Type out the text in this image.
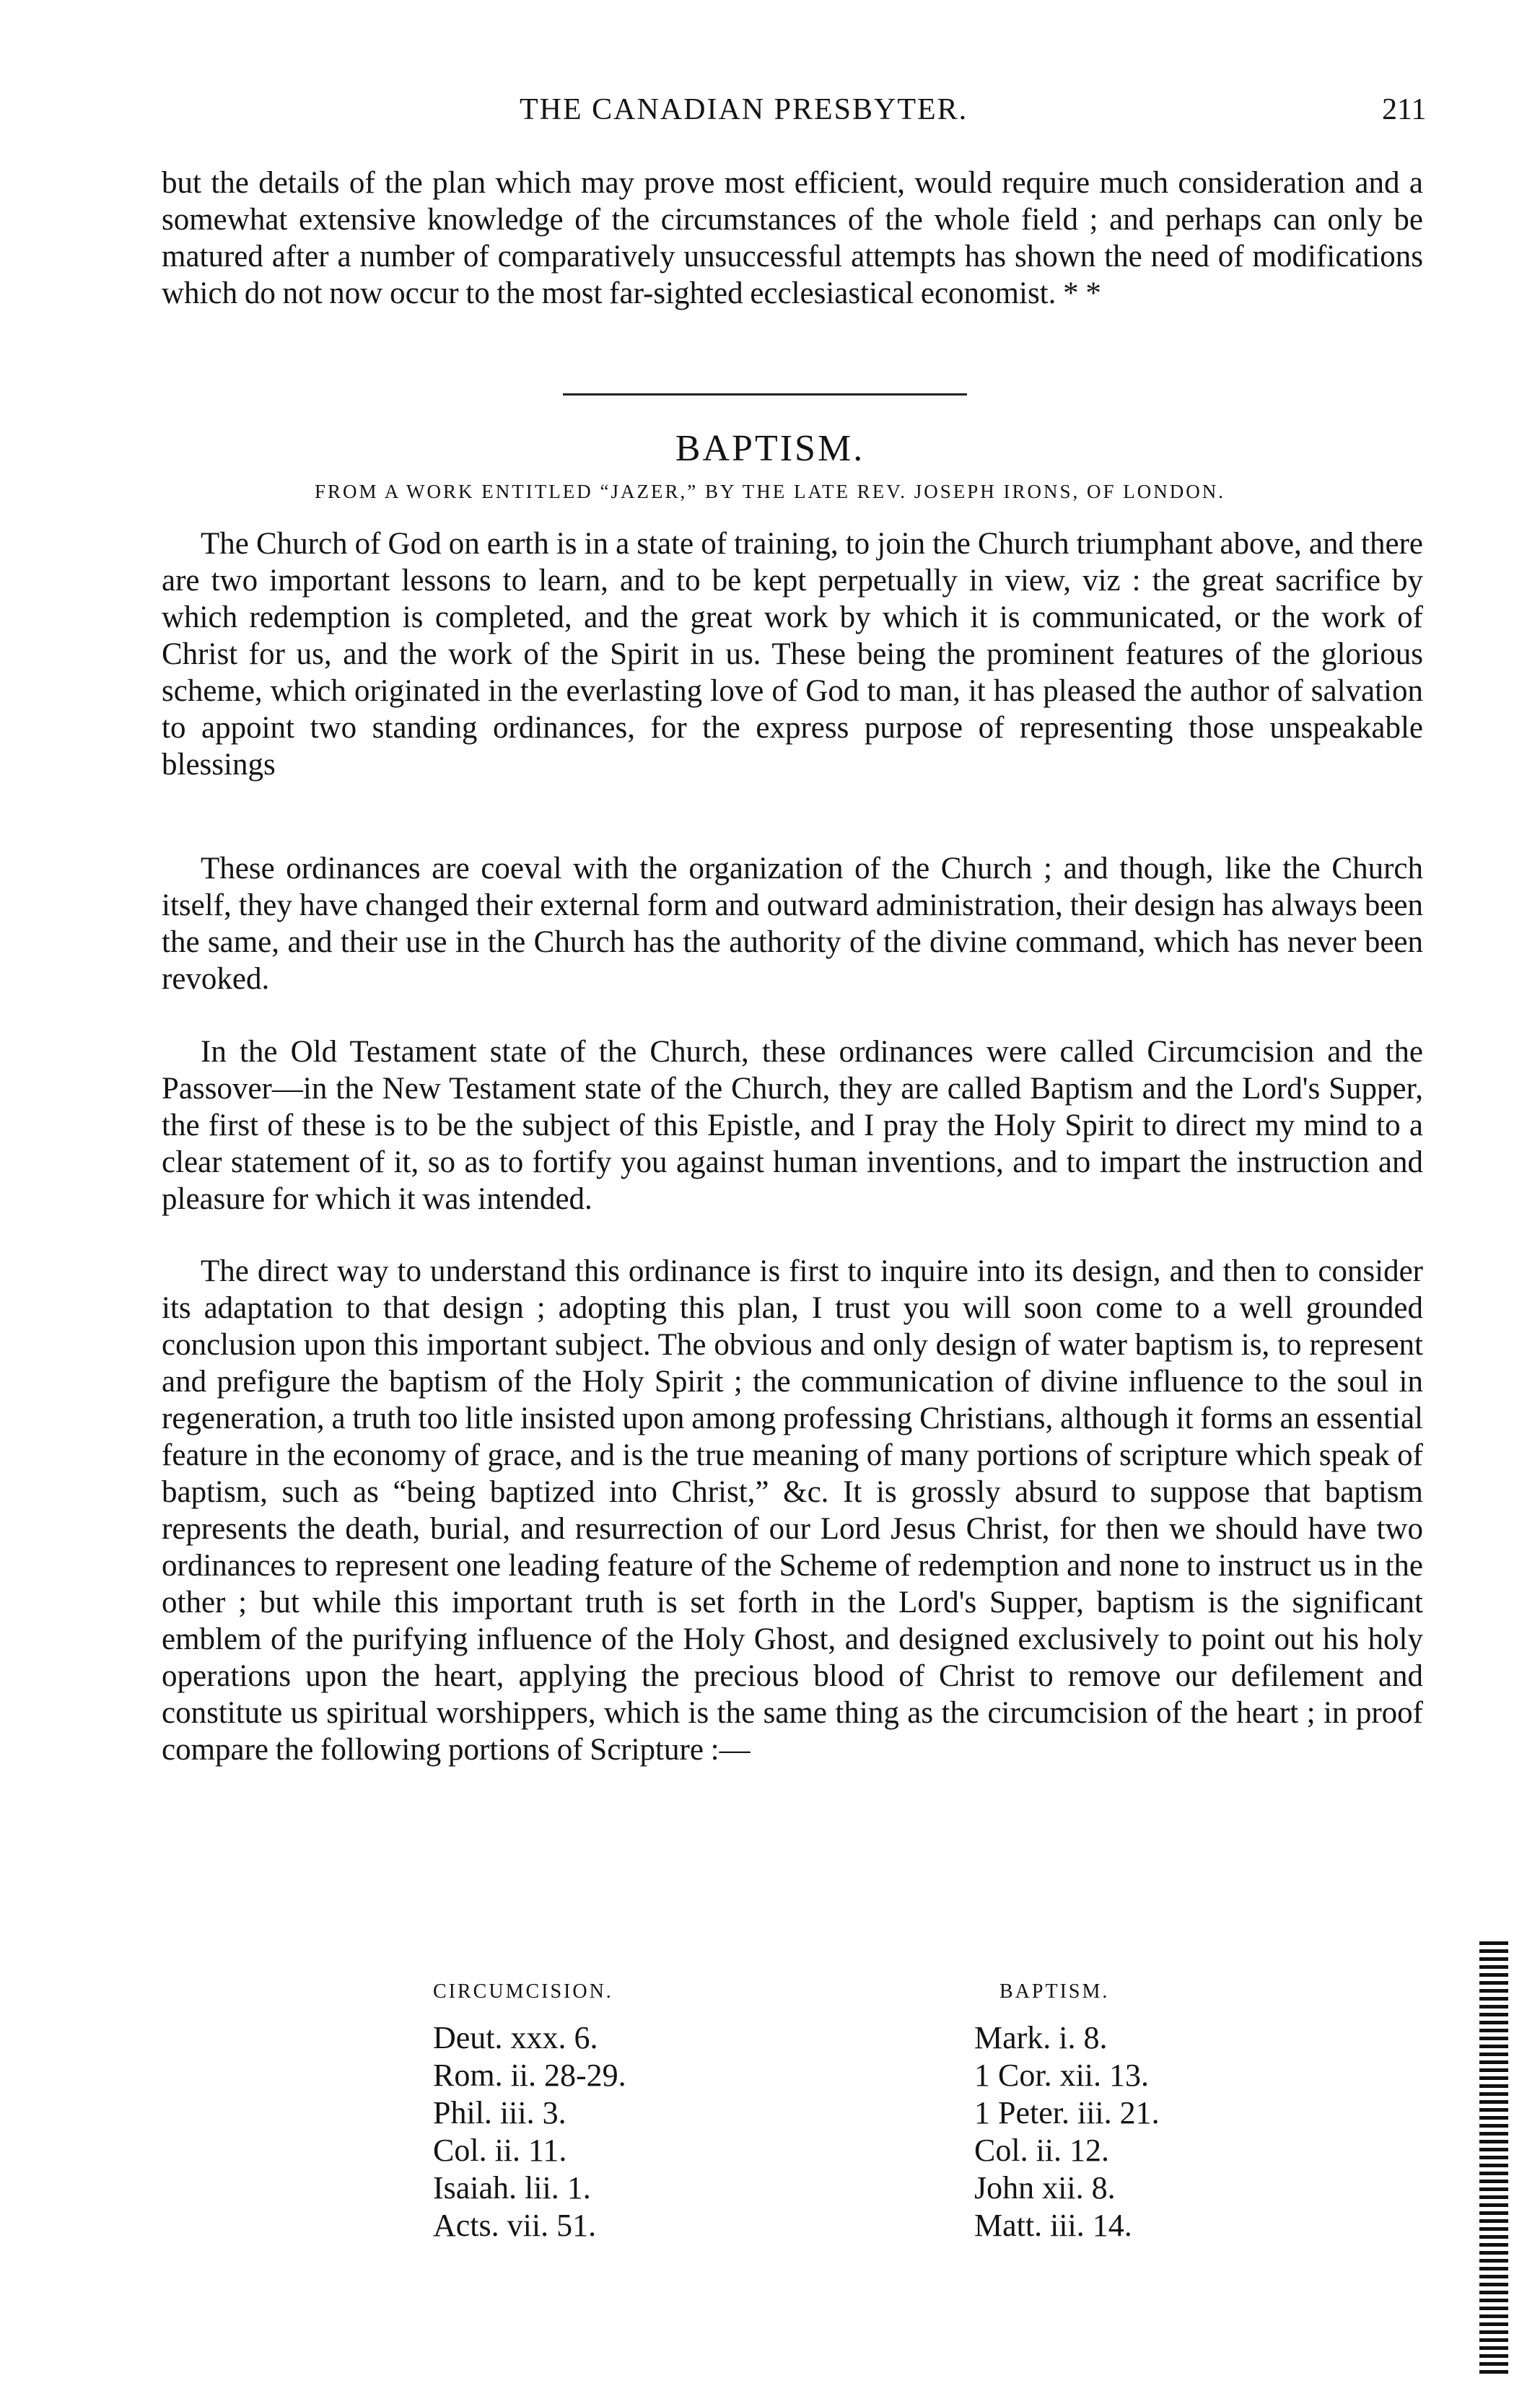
THE CANADIAN PRESBYTER.	211

but the details of the plan which may prove most efficient, would require much consideration and a somewhat extensive knowledge of the circumstances of the whole field ; and perhaps can only be matured after a number of comparatively unsuccessful attempts has shown the need of modifications which do not now occur to the most far-sighted ecclesiastical economist. * *

BAPTISM.
FROM A WORK ENTITLED “JAZER,” BY THE LATE REV. JOSEPH IRONS, OF LONDON.

The Church of God on earth is in a state of training, to join the Church triumphant above, and there are two important lessons to learn, and to be kept perpetually in view, viz : the great sacrifice by which redemption is completed, and the great work by which it is communicated, or the work of Christ for us, and the work of the Spirit in us. These being the prominent features of the glorious scheme, which originated in the everlasting love of God to man, it has pleased the author of salvation to appoint two standing ordinances, for the express purpose of representing those unspeakable blessings

These ordinances are coeval with the organization of the Church ; and though, like the Church itself, they have changed their external form and outward administration, their design has always been the same, and their use in the Church has the authority of the divine command, which has never been revoked.

In the Old Testament state of the Church, these ordinances were called Circumcision and the Passover—in the New Testament state of the Church, they are called Baptism and the Lord's Supper, the first of these is to be the subject of this Epistle, and I pray the Holy Spirit to direct my mind to a clear statement of it, so as to fortify you against human inventions, and to impart the instruction and pleasure for which it was intended.

The direct way to understand this ordinance is first to inquire into its design, and then to consider its adaptation to that design ; adopting this plan, I trust you will soon come to a well grounded conclusion upon this important subject. The obvious and only design of water baptism is, to represent and prefigure the baptism of the Holy Spirit ; the communication of divine influence to the soul in regeneration, a truth too litle insisted upon among professing Christians, although it forms an essential feature in the economy of grace, and is the true meaning of many portions of scripture which speak of baptism, such as “being baptized into Christ,” &c. It is grossly absurd to suppose that baptism represents the death, burial, and resurrection of our Lord Jesus Christ, for then we should have two ordinances to represent one leading feature of the Scheme of redemption and none to instruct us in the other ; but while this important truth is set forth in the Lord's Supper, baptism is the significant emblem of the purifying influence of the Holy Ghost, and designed exclusively to point out his holy operations upon the heart, applying the precious blood of Christ to remove our defilement and constitute us spiritual worshippers, which is the same thing as the circumcision of the heart ; in proof compare the following portions of Scripture :—

CIRCUMCISION.	BAPTISM.
Deut. xxx. 6.
Rom. ii. 28-29.
Phil. iii. 3.
Col. ii. 11.
Isaiah. lii. 1.
Acts. vii. 51.
Mark. i. 8.
1 Cor. xii. 13.
1 Peter. iii. 21.
Col. ii. 12.
John xii. 8.
Matt. iii. 14.
